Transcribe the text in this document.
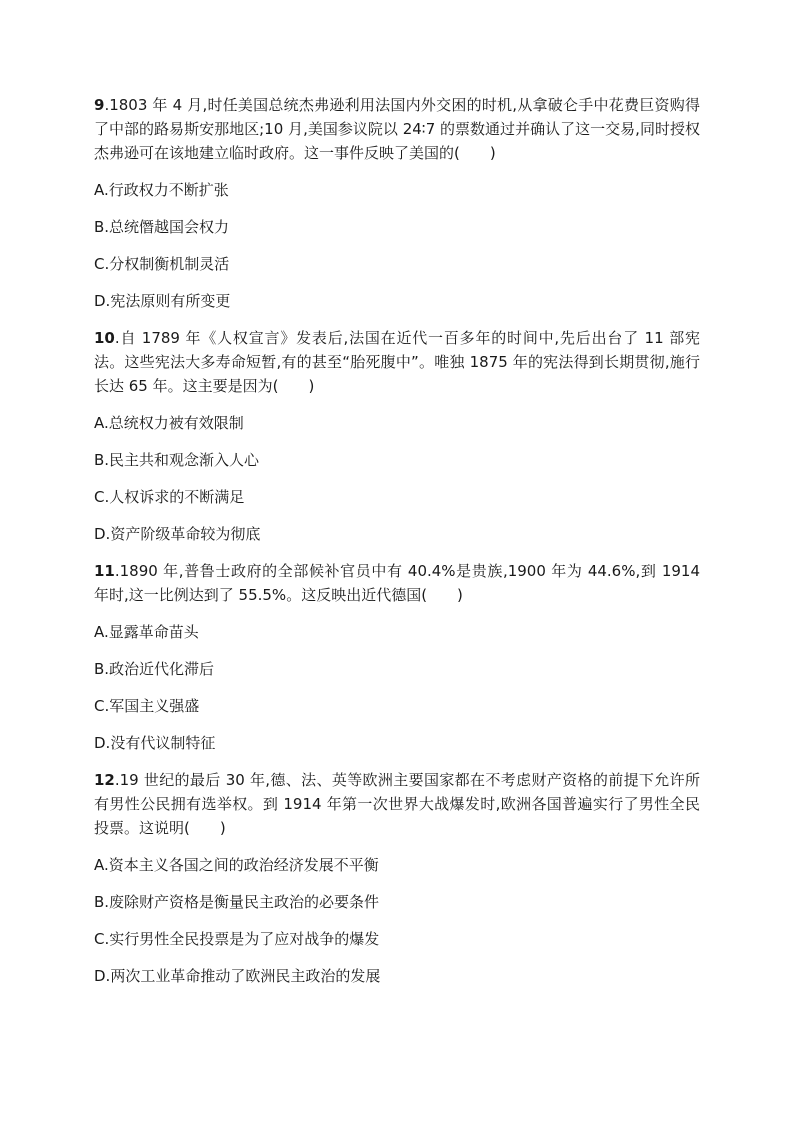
9.1803 年 4 月,时任美国总统杰弗逊利用法国内外交困的时机,从拿破仑手中花费巨资购得了中部的路易斯安那地区;10 月,美国参议院以 24∶7 的票数通过并确认了这一交易,同时授权杰弗逊可在该地建立临时政府。这一事件反映了美国的(　　)

A.行政权力不断扩张

B.总统僭越国会权力

C.分权制衡机制灵活

D.宪法原则有所变更

10.自 1789 年《人权宣言》发表后,法国在近代一百多年的时间中,先后出台了 11 部宪法。这些宪法大多寿命短暂,有的甚至“胎死腹中”。唯独 1875 年的宪法得到长期贯彻,施行长达 65 年。这主要是因为(　　)

A.总统权力被有效限制

B.民主共和观念渐入人心

C.人权诉求的不断满足

D.资产阶级革命较为彻底

11.1890 年,普鲁士政府的全部候补官员中有 40.4%是贵族,1900 年为 44.6%,到 1914 年时,这一比例达到了 55.5%。这反映出近代德国(　　)

A.显露革命苗头

B.政治近代化滞后

C.军国主义强盛

D.没有代议制特征

12.19 世纪的最后 30 年,德、法、英等欧洲主要国家都在不考虑财产资格的前提下允许所有男性公民拥有选举权。到 1914 年第一次世界大战爆发时,欧洲各国普遍实行了男性全民投票。这说明(　　)

A.资本主义各国之间的政治经济发展不平衡

B.废除财产资格是衡量民主政治的必要条件

C.实行男性全民投票是为了应对战争的爆发

D.两次工业革命推动了欧洲民主政治的发展
